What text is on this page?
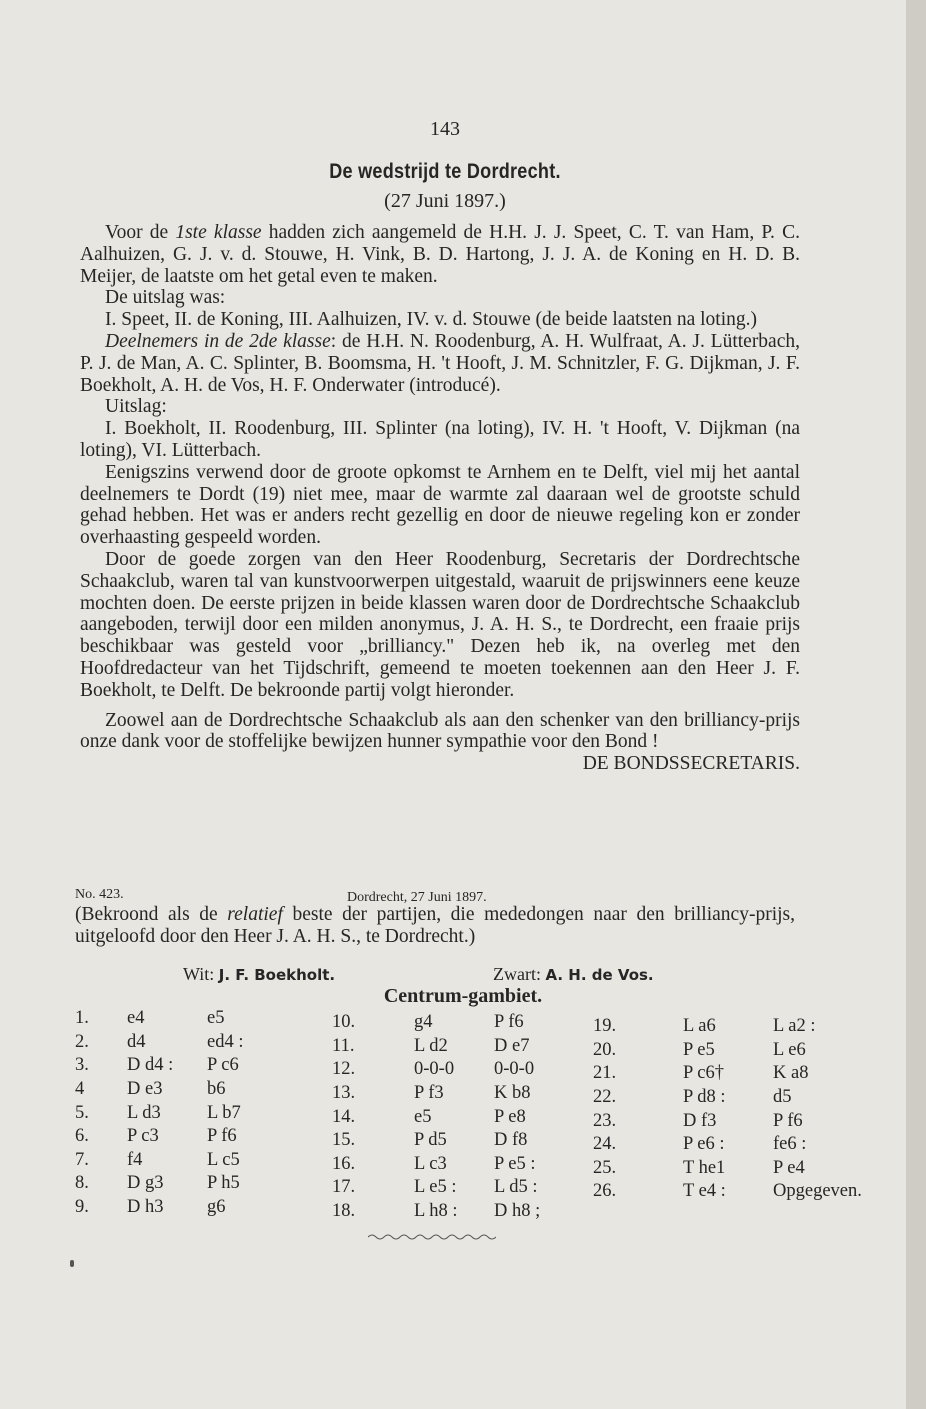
143
De wedstrijd te Dordrecht.
(27 Juni 1897.)

Voor de 1ste klasse hadden zich aangemeld de H.H. J. J. Speet, C. T. van Ham, P. C. Aalhuizen, G. J. v. d. Stouwe, H. Vink, B. D. Hartong, J. J. A. de Koning en H. D. B. Meijer, de laatste om het getal even te maken.

De uitslag was:

I. Speet, II. de Koning, III. Aalhuizen, IV. v. d. Stouwe (de beide laatsten na loting.)

Deelnemers in de 2de klasse: de H.H. N. Roodenburg, A. H. Wulfraat, A. J. Lütterbach, P. J. de Man, A. C. Splinter, B. Boomsma, H. 't Hooft, J. M. Schnitzler, F. G. Dijkman, J. F. Boekholt, A. H. de Vos, H. F. Onderwater (introducé).

Uitslag:

I. Boekholt, II. Roodenburg, III. Splinter (na loting), IV. H. 't Hooft, V. Dijkman (na loting), VI. Lütterbach.

Eenigszins verwend door de groote opkomst te Arnhem en te Delft, viel mij het aantal deelnemers te Dordt (19) niet mee, maar de warmte zal daaraan wel de grootste schuld gehad hebben. Het was er anders recht gezellig en door de nieuwe regeling kon er zonder overhaasting gespeeld worden.

Door de goede zorgen van den Heer Roodenburg, Secretaris der Dordrechtsche Schaakclub, waren tal van kunstvoorwerpen uitgestald, waaruit de prijswinners eene keuze mochten doen. De eerste prijzen in beide klassen waren door de Dordrechtsche Schaakclub aangeboden, terwijl door een milden anonymus, J. A. H. S., te Dordrecht, een fraaie prijs beschikbaar was gesteld voor „brilliancy." Dezen heb ik, na overleg met den Hoofdredacteur van het Tijdschrift, gemeend te moeten toekennen aan den Heer J. F. Boekholt, te Delft. De bekroonde partij volgt hieronder.

Zoowel aan de Dordrechtsche Schaakclub als aan den schenker van den brilliancy-prijs onze dank voor de stoffelijke bewijzen hunner sympathie voor den Bond !

DE BONDSSECRETARIS.

No. 423.	Dordrecht, 27 Juni 1897.
(Bekroond als de relatief beste der partijen, die mededongen naar den brilliancy-prijs, uitgeloofd door den Heer J. A. H. S., te Dordrecht.)
Wit: J. F. Boekholt.	Zwart: A. H. de Vos.
Centrum-gambiet.
1.	e4	e5
2.	d4	ed4 :
3.	D d4 :	P c6
4	D e3	b6
5.	L d3	L b7
6.	P c3	P f6
7.	f4	L c5
8.	D g3	P h5
9.	D h3	g6
10.	g4	P f6
11.	L d2	D e7
12.	0-0-0	0-0-0
13.	P f3	K b8
14.	e5	P e8
15.	P d5	D f8
16.	L c3	P e5 :
17.	L e5 :	L d5 :
18.	L h8 :	D h8 ;
19.	L a6	L a2 :
20.	P e5	L e6
21.	P c6†	K a8
22.	P d8 :	d5
23.	D f3	P f6
24.	P e6 :	fe6 :
25.	T he1	P e4
26.	T e4 :	Opgegeven.
